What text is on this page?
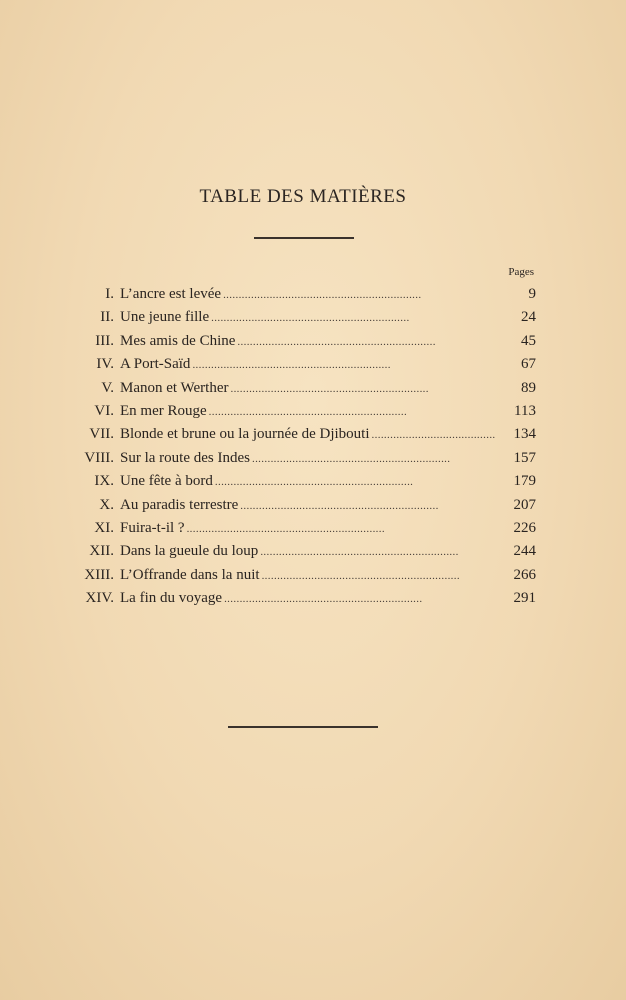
TABLE DES MATIÈRES
Pages
I. L’ancre est levée . . .	9
II. Une jeune fille . . .	24
III. Mes amis de Chine . . .	45
IV. A Port-Saïd . . .	67
V. Manon et Werther . . .	89
VI. En mer Rouge . . .	113
VII. Blonde et brune ou la journée de Djibouti . . .	134
VIII. Sur la route des Indes . . .	157
IX. Une fête à bord . . .	179
X. Au paradis terrestre . . .	207
XI. Fuira-t-il ? . . .	226
XII. Dans la gueule du loup . . .	244
XIII. L’Offrande dans la nuit . . .	266
XIV. La fin du voyage . . .	291
